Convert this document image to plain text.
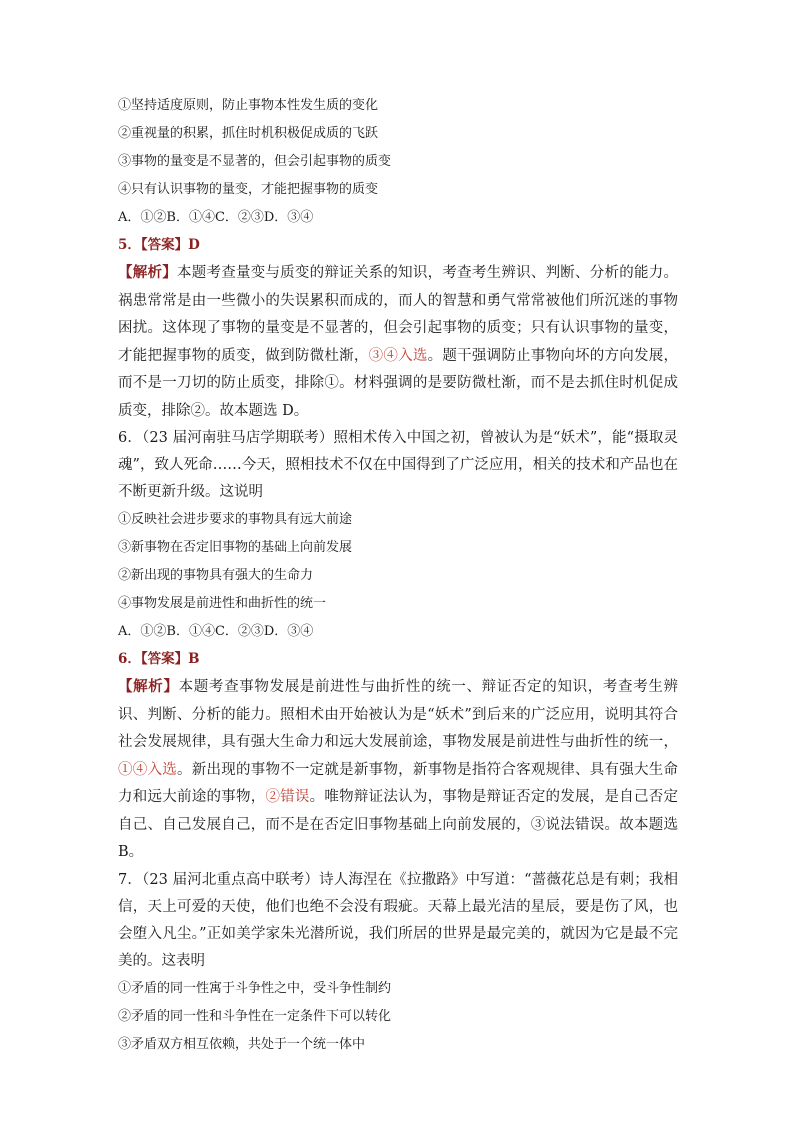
①坚持适度原则，防止事物本性发生质的变化
②重视量的积累，抓住时机积极促成质的飞跃
③事物的量变是不显著的，但会引起事物的质变
④只有认识事物的量变，才能把握事物的质变
A．①②B．①④C．②③D．③④
5．【答案】D
【解析】本题考查量变与质变的辩证关系的知识，考查考生辨识、判断、分析的能力。祸患常常是由一些微小的失误累积而成的，而人的智慧和勇气常常被他们所沉迷的事物困扰。这体现了事物的量变是不显著的，但会引起事物的质变；只有认识事物的量变，才能把握事物的质变，做到防微杜渐，③④入选。题干强调防止事物向坏的方向发展，而不是一刀切的防止质变，排除①。材料强调的是要防微杜渐，而不是去抓住时机促成质变，排除②。故本题选 D。
6．（23 届河南驻马店学期联考）照相术传入中国之初，曾被认为是“妖术”，能“摄取灵魂”，致人死命……今天，照相技术不仅在中国得到了广泛应用，相关的技术和产品也在不断更新升级。这说明
①反映社会进步要求的事物具有远大前途
③新事物在否定旧事物的基础上向前发展
②新出现的事物具有强大的生命力
④事物发展是前进性和曲折性的统一
A．①②B．①④C．②③D．③④
6．【答案】B
【解析】本题考查事物发展是前进性与曲折性的统一、辩证否定的知识，考查考生辨识、判断、分析的能力。照相术由开始被认为是“妖术”到后来的广泛应用，说明其符合社会发展规律，具有强大生命力和远大发展前途，事物发展是前进性与曲折性的统一，①④入选。新出现的事物不一定就是新事物，新事物是指符合客观规律、具有强大生命力和远大前途的事物，②错误。唯物辩证法认为，事物是辩证否定的发展，是自己否定自己、自己发展自己，而不是在否定旧事物基础上向前发展的，③说法错误。故本题选 B。
7．（23 届河北重点高中联考）诗人海涅在《拉撒路》中写道：“蔷薇花总是有刺；我相信，天上可爱的天使，他们也绝不会没有瑕疵。天幕上最光洁的星辰，要是伤了风，也会堕入凡尘。”正如美学家朱光潜所说，我们所居的世界是最完美的，就因为它是最不完美的。这表明
①矛盾的同一性寓于斗争性之中，受斗争性制约
②矛盾的同一性和斗争性在一定条件下可以转化
③矛盾双方相互依赖，共处于一个统一体中
